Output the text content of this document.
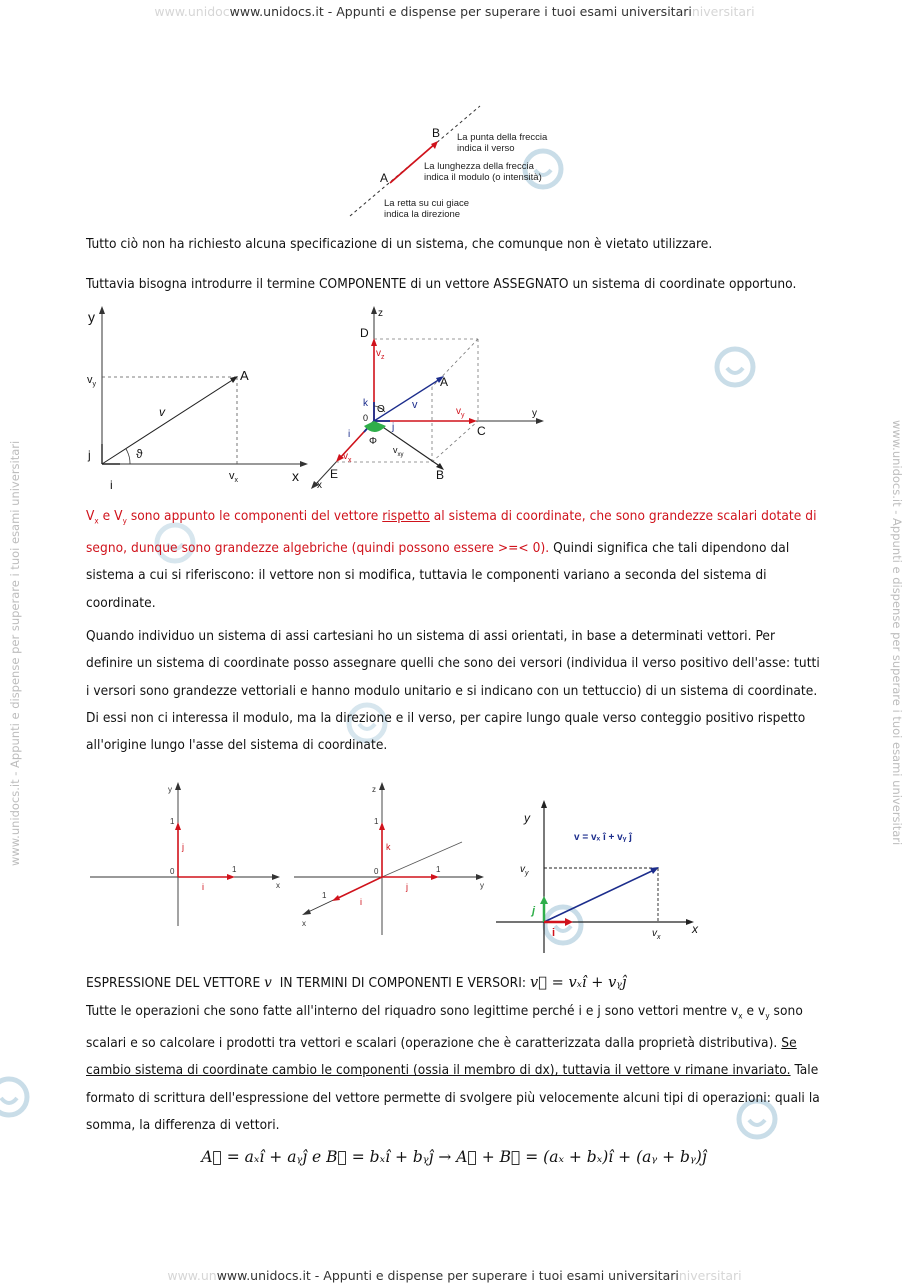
www.unidocwww.unidocs.it - Appunti e dispense per superare i tuoi esami universitariniversitari
www.unwww.unidocs.it - Appunti e dispense per superare i tuoi esami universitariniversitari
www.unidocs.it - Appunti e dispense per superare i tuoi esami universitari	www.unidocs.it - Appunti e dispense per superare i tuoi esami universitari
B
A
La punta della freccia
indica il verso
La lunghezza della freccia
indica il modulo (o intensità)
La retta su cui giace
indica la direzione
Tutto ciò non ha richiesto alcuna specificazione di un sistema, che comunque non è vietato utilizzare.
Tuttavia bisogna introdurre il termine COMPONENTE di un vettore ASSEGNATO un sistema di coordinate opportuno.
y
x
$v_y$
$v_x$
A
v
j
i
ϑ
z
y
x
D
A
C
B
E
$v_z$
$v_y$
$v_x$
$v_{xy}$
v
k
i
j
0
Θ
Φ
$V_x$ e $V_y$ sono appunto le componenti del vettore rispetto al sistema di coordinate, che sono grandezze scalari dotate di segno, dunque sono grandezze algebriche (quindi possono essere >=< 0). Quindi significa che tali dipendono dal sistema a cui si riferiscono: il vettore non si modifica, tuttavia le componenti variano a seconda del sistema di coordinate.
Quando individuo un sistema di assi cartesiani ho un sistema di assi orientati, in base a determinati vettori. Per definire un sistema di coordinate posso assegnare quelli che sono dei versori (individua il verso positivo dell'asse: tutti i versori sono grandezze vettoriali e hanno modulo unitario e si indicano con un tettuccio) di un sistema di coordinate. Di essi non ci interessa il modulo, ma la direzione e il verso, per capire lungo quale verso conteggio positivo rispetto all'origine lungo l'asse del sistema di coordinate.
y
x
1
1
0
j
i
z
y
x
1
1
1
0
k
i
j
y
x
$v_y$
$v_x$
v = vₓ î + vᵧ ĵ
j
i
ESPRESSIONE DEL VETTORE v IN TERMINI DI COMPONENTI E VERSORI: v⃗ = vₓî + vᵧĵ
Tutte le operazioni che sono fatte all'interno del riquadro sono legittime perché i e j sono vettori mentre $v_x$ e $v_y$ sono scalari e so calcolare i prodotti tra vettori e scalari (operazione che è caratterizzata dalla proprietà distributiva). Se cambio sistema di coordinate cambio le componenti (ossia il membro di dx), tuttavia il vettore v rimane invariato. Tale formato di scrittura dell'espressione del vettore permette di svolgere più velocemente alcuni tipi di operazioni: quali la somma, la differenza di vettori.
A⃗ = aₓî + aᵧĵ e B⃗ = bₓî + bᵧĵ → A⃗ + B⃗ = (aₓ + bₓ)î + (aᵧ + bᵧ)ĵ
